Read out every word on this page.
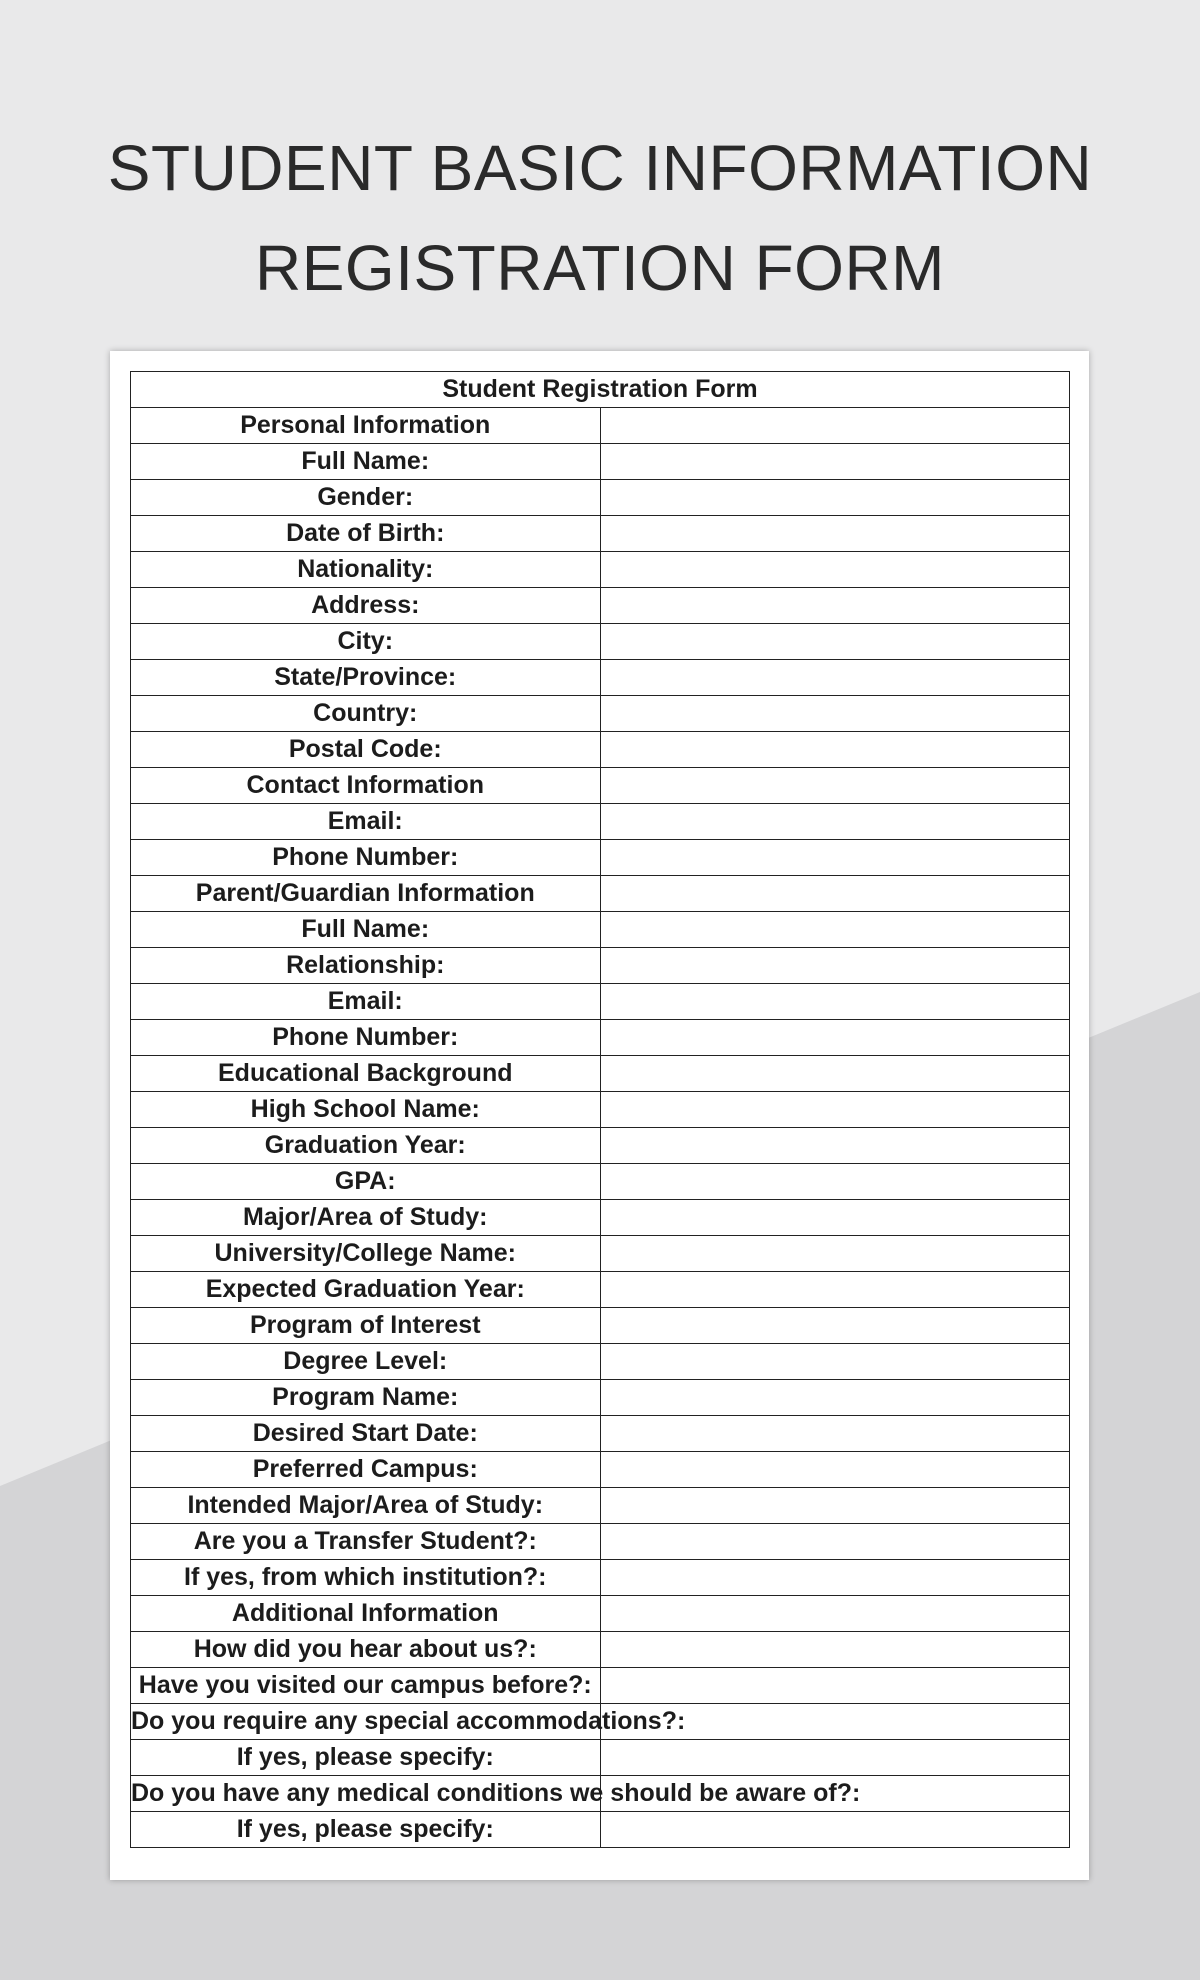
STUDENT BASIC INFORMATION
REGISTRATION FORM
Student Registration Form	
Personal Information	
Full Name:	
Gender:	
Date of Birth:	
Nationality:	
Address:	
City:	
State/Province:	
Country:	
Postal Code:	
Contact Information	
Email:	
Phone Number:	
Parent/Guardian Information	
Full Name:	
Relationship:	
Email:	
Phone Number:	
Educational Background	
High School Name:	
Graduation Year:	
GPA:	
Major/Area of Study:	
University/College Name:	
Expected Graduation Year:	
Program of Interest	
Degree Level:	
Program Name:	
Desired Start Date:	
Preferred Campus:	
Intended Major/Area of Study:	
Are you a Transfer Student?:	
If yes, from which institution?:	
Additional Information	
How did you hear about us?:	
Have you visited our campus before?:	
Do you require any special accommodations?:	
If yes, please specify:	
Do you have any medical conditions we should be aware of?:	
If yes, please specify:	
